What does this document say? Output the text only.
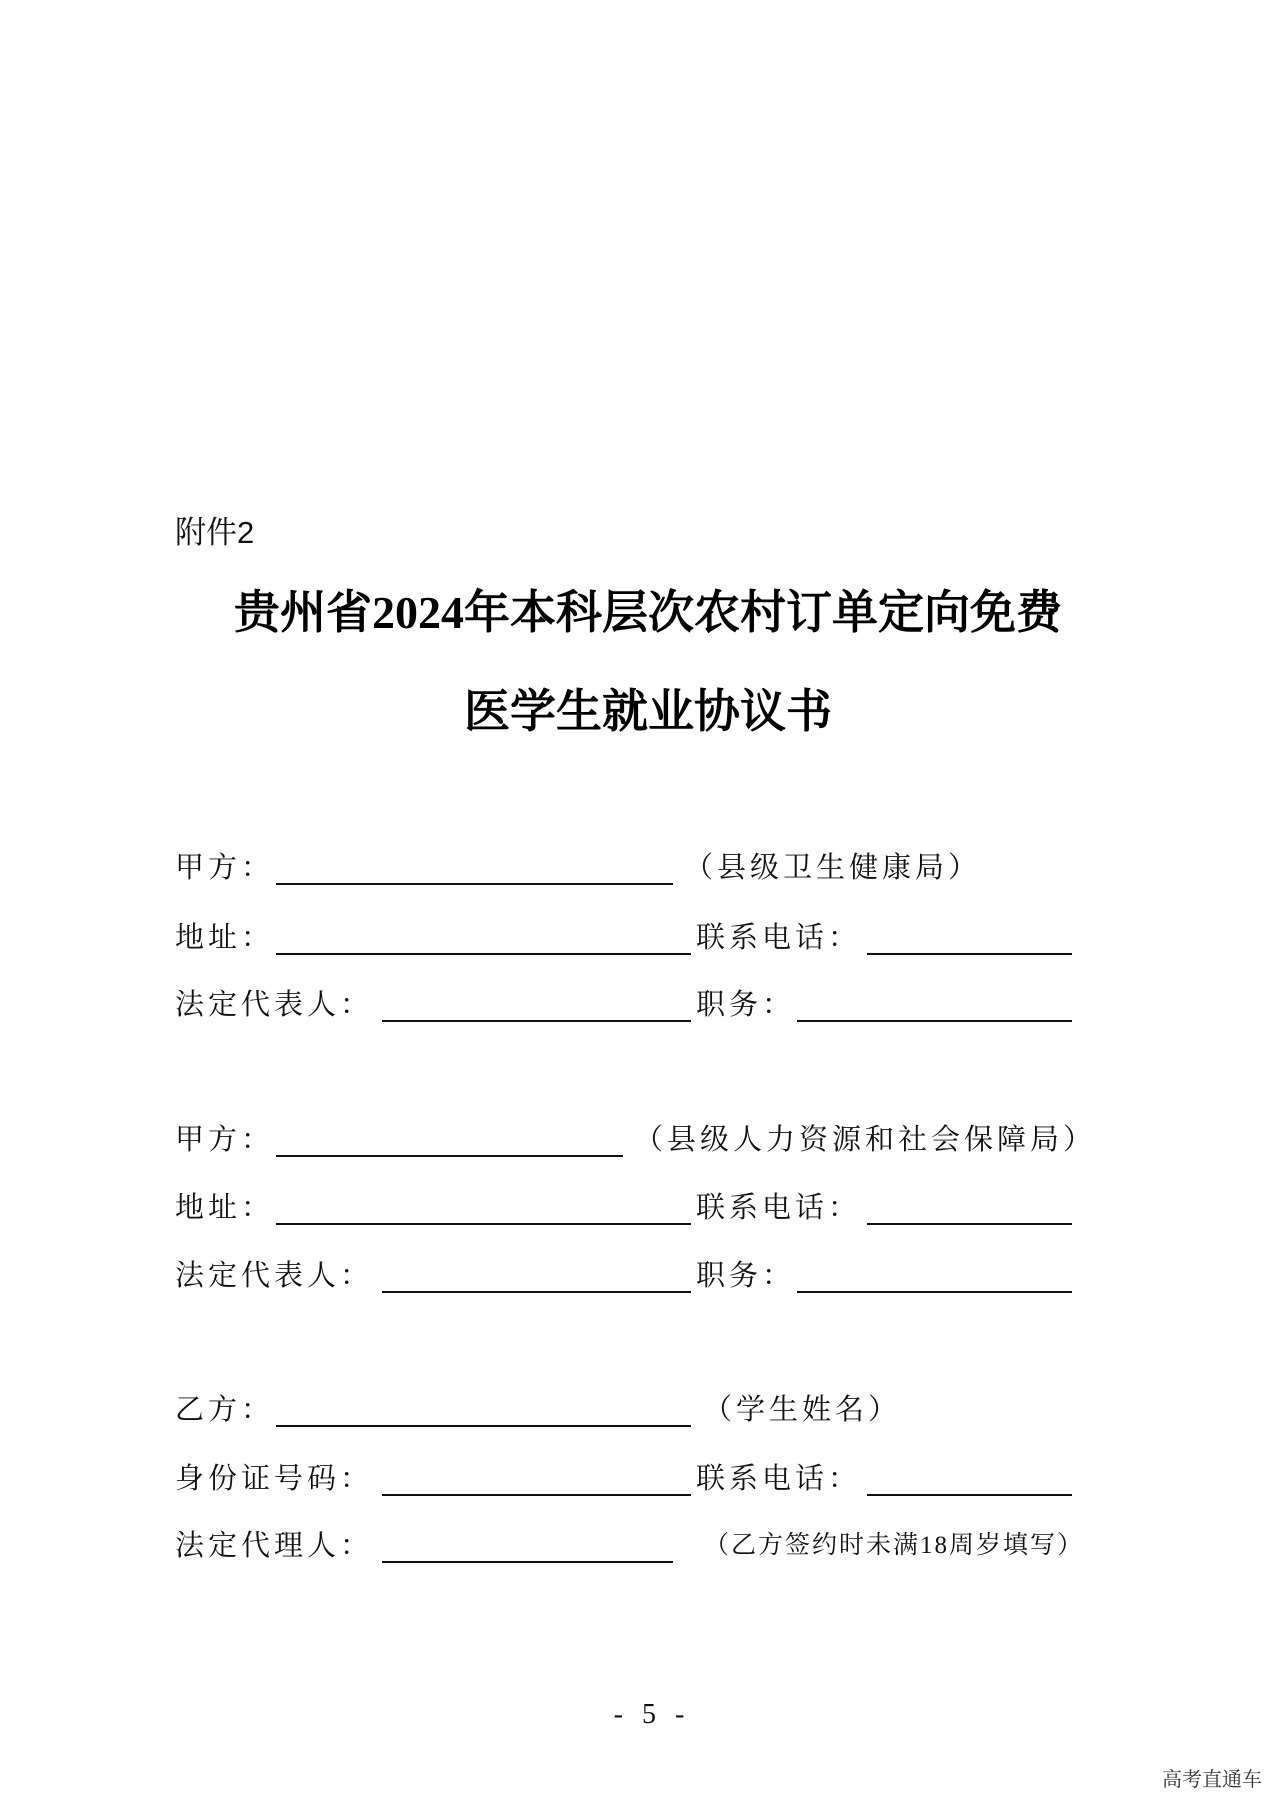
附件2
贵州省2024年本科层次农村订单定向免费
医学生就业协议书
甲方：	（县级卫生健康局）
地址：	联系电话：
法定代表人：	职务：
甲方：	（县级人力资源和社会保障局）
地址：	联系电话：
法定代表人：	职务：
乙方：	（学生姓名）
身份证号码：	联系电话：
法定代理人：	（乙方签约时未满18周岁填写）
- 5 -
高考直通车
